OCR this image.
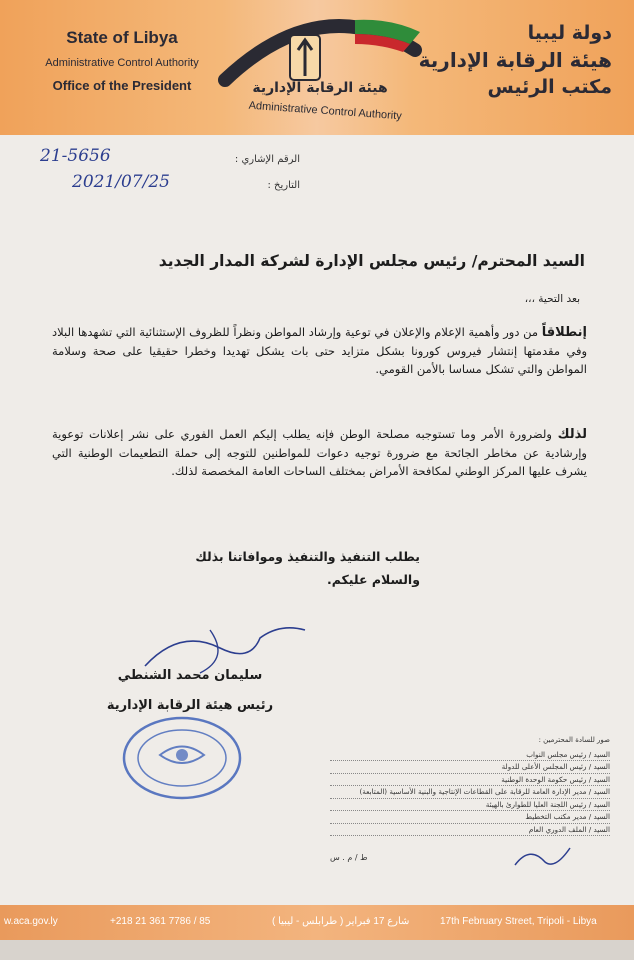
State of Libya
Administrative Control Authority
Office of the President	هيئة الرقابة الإدارية
Administrative Control Authority
دولة ليبيا
هيئة الرقابة الإدارية
مكتب الرئيس
الرقم الإشاري :
21-5656
التاريخ :
2021/07/25
السيد المحترم/ رئيس مجلس الإدارة لشركة المدار الجديد
بعد التحية ،،،
إنطلاقاً من دور وأهمية الإعلام والإعلان في توعية وإرشاد المواطن ونظراً للظروف الإستثنائية التي تشهدها البلاد وفي مقدمتها إنتشار فيروس كورونا بشكل متزايد حتى بات يشكل تهديدا وخطرا حقيقيا على صحة وسلامة المواطن والتي تشكل مساسا بالأمن القومي.
لذلك ولضرورة الأمر وما تستوجبه مصلحة الوطن فإنه يطلب إليكم العمل الفوري على نشر إعلانات توعوية وإرشادية عن مخاطر الجائحة مع ضرورة توجيه دعوات للمواطنين للتوجه إلى حملة التطعيمات الوطنية التي يشرف عليها المركز الوطني لمكافحة الأمراض بمختلف الساحات العامة المخصصة لذلك.
يطلب التنفيذ والتنفيذ وموافاتنا بذلك
والسلام عليكم.
سليمان محمد الشنطي
رئيس هيئة الرقابة الإدارية
صور للسادة المحترمين :
السيد / رئيس مجلس النواب
السيد / رئيس المجلس الأعلى للدولة
السيد / رئيس حكومة الوحدة الوطنية
السيد / مدير الإدارة العامة للرقابة على القطاعات الإنتاجية والبنية الأساسية (المتابعة)
السيد / رئيس اللجنة العليا للطوارئ بالهيئة
السيد / مدير مكتب التخطيط
السيد / الملف الدوري العام
ط / م . س
w.aca.gov.ly	+218 21 361 7786 / 85	شارع 17 فبراير ( طرابلس - ليبيا )	17th February Street, Tripoli - Libya
